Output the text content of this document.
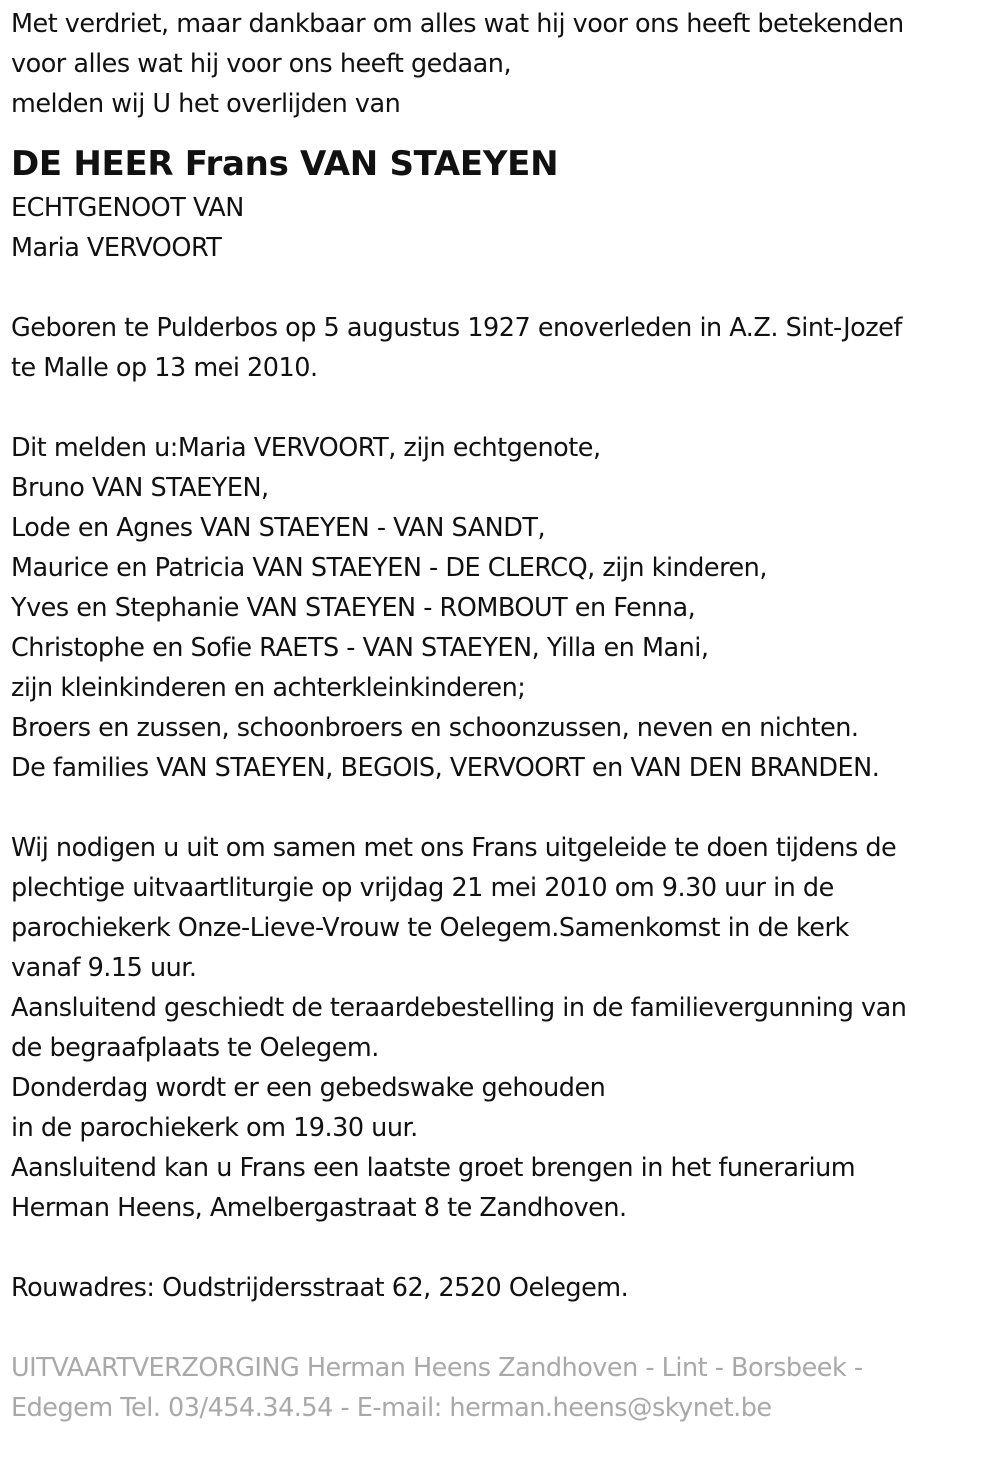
Met verdriet, maar dankbaar om alles wat hij voor ons heeft betekenden
voor alles wat hij voor ons heeft gedaan,
melden wij U het overlijden van
DE HEER Frans VAN STAEYEN
ECHTGENOOT VAN
Maria VERVOORT
Geboren te Pulderbos op 5 augustus 1927 enoverleden in A.Z. Sint-Jozef
te Malle op 13 mei 2010.
Dit melden u:Maria VERVOORT, zijn echtgenote,
Bruno VAN STAEYEN,
Lode en Agnes VAN STAEYEN - VAN SANDT,
Maurice en Patricia VAN STAEYEN - DE CLERCQ, zijn kinderen,
Yves en Stephanie VAN STAEYEN - ROMBOUT en Fenna,
Christophe en Sofie RAETS - VAN STAEYEN, Yilla en Mani,
zijn kleinkinderen en achterkleinkinderen;
Broers en zussen, schoonbroers en schoonzussen, neven en nichten.
De families VAN STAEYEN, BEGOIS, VERVOORT en VAN DEN BRANDEN.
Wij nodigen u uit om samen met ons Frans uitgeleide te doen tijdens de
plechtige uitvaartliturgie op vrijdag 21 mei 2010 om 9.30 uur in de
parochiekerk Onze-Lieve-Vrouw te Oelegem.Samenkomst in de kerk
vanaf 9.15 uur.
Aansluitend geschiedt de teraardebestelling in de familievergunning van
de begraafplaats te Oelegem.
Donderdag wordt er een gebedswake gehouden
in de parochiekerk om 19.30 uur.
Aansluitend kan u Frans een laatste groet brengen in het funerarium
Herman Heens, Amelbergastraat 8 te Zandhoven.
Rouwadres: Oudstrijdersstraat 62, 2520 Oelegem.
UITVAARTVERZORGING Herman Heens Zandhoven - Lint - Borsbeek -
Edegem Tel. 03/454.34.54 - E-mail: herman.heens@skynet.be
